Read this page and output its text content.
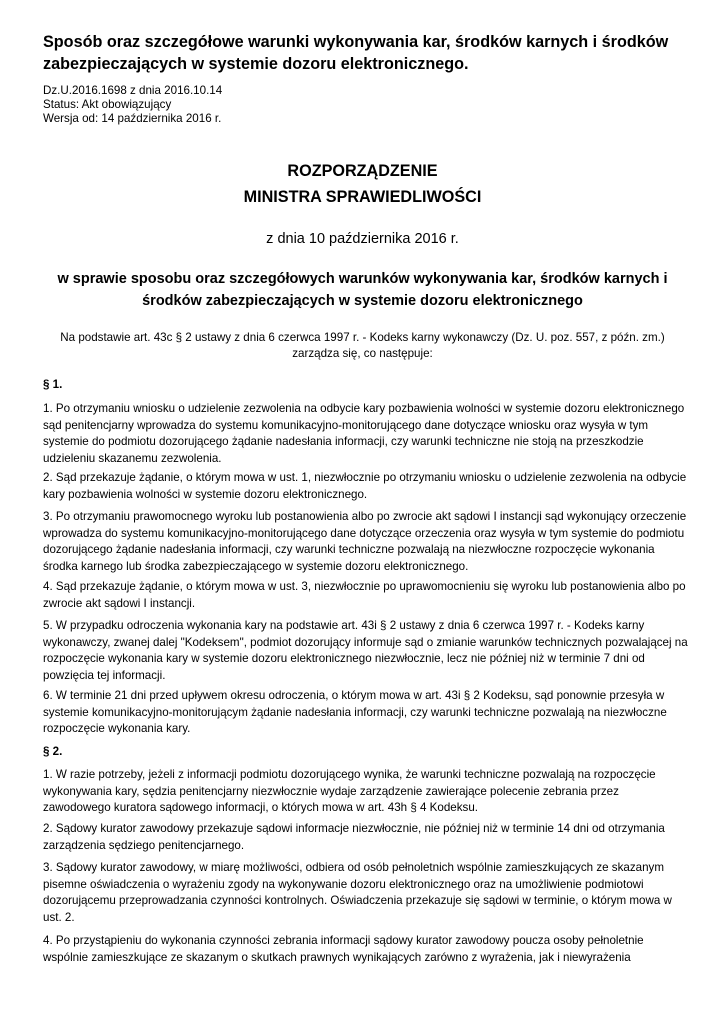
Sposób oraz szczegółowe warunki wykonywania kar, środków karnych i środków zabezpieczających w systemie dozoru elektronicznego.
Dz.U.2016.1698 z dnia 2016.10.14
Status: Akt obowiązujący
Wersja od: 14 października 2016 r.
ROZPORZĄDZENIE
MINISTRA SPRAWIEDLIWOŚCI
z dnia 10 października 2016 r.

w sprawie sposobu oraz szczegółowych warunków wykonywania kar, środków karnych i środków zabezpieczających w systemie dozoru elektronicznego

Na podstawie art. 43c § 2 ustawy z dnia 6 czerwca 1997 r. - Kodeks karny wykonawczy (Dz. U. poz. 557, z późn. zm.) zarządza się, co następuje:

§ 1.

1. Po otrzymaniu wniosku o udzielenie zezwolenia na odbycie kary pozbawienia wolności w systemie dozoru elektronicznego sąd penitencjarny wprowadza do systemu komunikacyjno-monitorującego dane dotyczące wniosku oraz wysyła w tym systemie do podmiotu dozorującego żądanie nadesłania informacji, czy warunki techniczne nie stoją na przeszkodzie udzieleniu skazanemu zezwolenia.

2. Sąd przekazuje żądanie, o którym mowa w ust. 1, niezwłocznie po otrzymaniu wniosku o udzielenie zezwolenia na odbycie kary pozbawienia wolności w systemie dozoru elektronicznego.

3. Po otrzymaniu prawomocnego wyroku lub postanowienia albo po zwrocie akt sądowi I instancji sąd wykonujący orzeczenie wprowadza do systemu komunikacyjno-monitorującego dane dotyczące orzeczenia oraz wysyła w tym systemie do podmiotu dozorującego żądanie nadesłania informacji, czy warunki techniczne pozwalają na niezwłoczne rozpoczęcie wykonania środka karnego lub środka zabezpieczającego w systemie dozoru elektronicznego.

4. Sąd przekazuje żądanie, o którym mowa w ust. 3, niezwłocznie po uprawomocnieniu się wyroku lub postanowienia albo po zwrocie akt sądowi I instancji.

5. W przypadku odroczenia wykonania kary na podstawie art. 43i § 2 ustawy z dnia 6 czerwca 1997 r. - Kodeks karny wykonawczy, zwanej dalej "Kodeksem", podmiot dozorujący informuje sąd o zmianie warunków technicznych pozwalającej na rozpoczęcie wykonania kary w systemie dozoru elektronicznego niezwłocznie, lecz nie później niż w terminie 7 dni od powzięcia tej informacji.

6. W terminie 21 dni przed upływem okresu odroczenia, o którym mowa w art. 43i § 2 Kodeksu, sąd ponownie przesyła w systemie komunikacyjno-monitorującym żądanie nadesłania informacji, czy warunki techniczne pozwalają na niezwłoczne rozpoczęcie wykonania kary.

§ 2.

1. W razie potrzeby, jeżeli z informacji podmiotu dozorującego wynika, że warunki techniczne pozwalają na rozpoczęcie wykonywania kary, sędzia penitencjarny niezwłocznie wydaje zarządzenie zawierające polecenie zebrania przez zawodowego kuratora sądowego informacji, o których mowa w art. 43h § 4 Kodeksu.

2. Sądowy kurator zawodowy przekazuje sądowi informacje niezwłocznie, nie później niż w terminie 14 dni od otrzymania zarządzenia sędziego penitencjarnego.

3. Sądowy kurator zawodowy, w miarę możliwości, odbiera od osób pełnoletnich wspólnie zamieszkujących ze skazanym pisemne oświadczenia o wyrażeniu zgody na wykonywanie dozoru elektronicznego oraz na umożliwienie podmiotowi dozorującemu przeprowadzania czynności kontrolnych. Oświadczenia przekazuje się sądowi w terminie, o którym mowa w ust. 2.

4. Po przystąpieniu do wykonania czynności zebrania informacji sądowy kurator zawodowy poucza osoby pełnoletnie wspólnie zamieszkujące ze skazanym o skutkach prawnych wynikających zarówno z wyrażenia, jak i niewyrażenia
